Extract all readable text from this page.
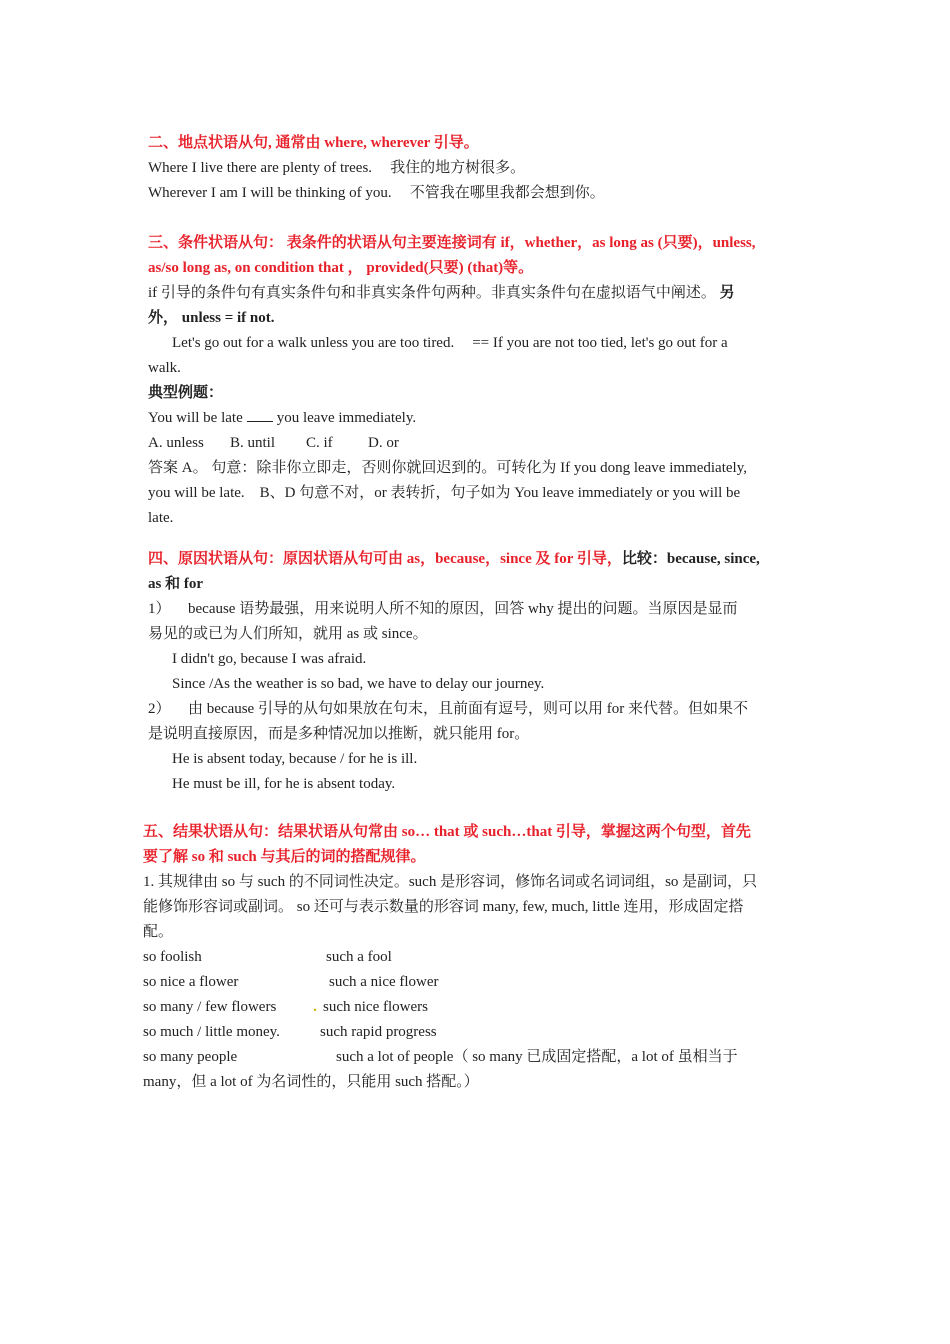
二、地点状语从句, 通常由 where, wherever 引导。
Where I live there are plenty of trees. 我住的地方树很多。
Wherever I am I will be thinking of you. 不管我在哪里我都会想到你。
三、条件状语从句： 表条件的状语从句主要连接词有 if，whether，as long as (只要)，unless,
as/so long as, on condition that ， provided(只要) (that)等。
if 引导的条件句有真实条件句和非真实条件句两种。非真实条件句在虚拟语气中阐述。 另
外， unless = if not.
Let's go out for a walk unless you are too tired. == If you are not too tied, let's go out for a
walk.
典型例题：
You will be late you leave immediately.
A. unless B. until C. if D. or
答案 A。 句意：除非你立即走，否则你就回迟到的。可转化为 If you dong leave immediately,
you will be late.　B、D 句意不对，or 表转折，句子如为 You leave immediately or you will be
late.
四、原因状语从句：原因状语从句可由 as，because，since 及 for 引导，比较：because, since,
as 和 for
1） because 语势最强，用来说明人所不知的原因，回答 why 提出的问题。当原因是显而
易见的或已为人们所知，就用 as 或 since。
I didn't go, because I was afraid.
Since /As the weather is so bad, we have to delay our journey.
2） 由 because 引导的从句如果放在句末，且前面有逗号，则可以用 for 来代替。但如果不
是说明直接原因，而是多种情况加以推断，就只能用 for。
He is absent today, because / for he is ill.
He must be ill, for he is absent today.
五、结果状语从句：结果状语从句常由 so… that 或 such…that 引导，掌握这两个句型，首先
要了解 so 和 such 与其后的词的搭配规律。
1. 其规律由 so 与 such 的不同词性决定。such 是形容词，修饰名词或名词词组，so 是副词，只
能修饰形容词或副词。 so 还可与表示数量的形容词 many, few, much, little 连用，形成固定搭
配。
so foolish	such a fool
so nice a flower	such a nice flower
so many / few flowers . such nice flowers
so much / little money.	such rapid progress
so many people	such a lot of people（ so many 已成固定搭配，a lot of 虽相当于
many，但 a lot of 为名词性的，只能用 such 搭配。）
